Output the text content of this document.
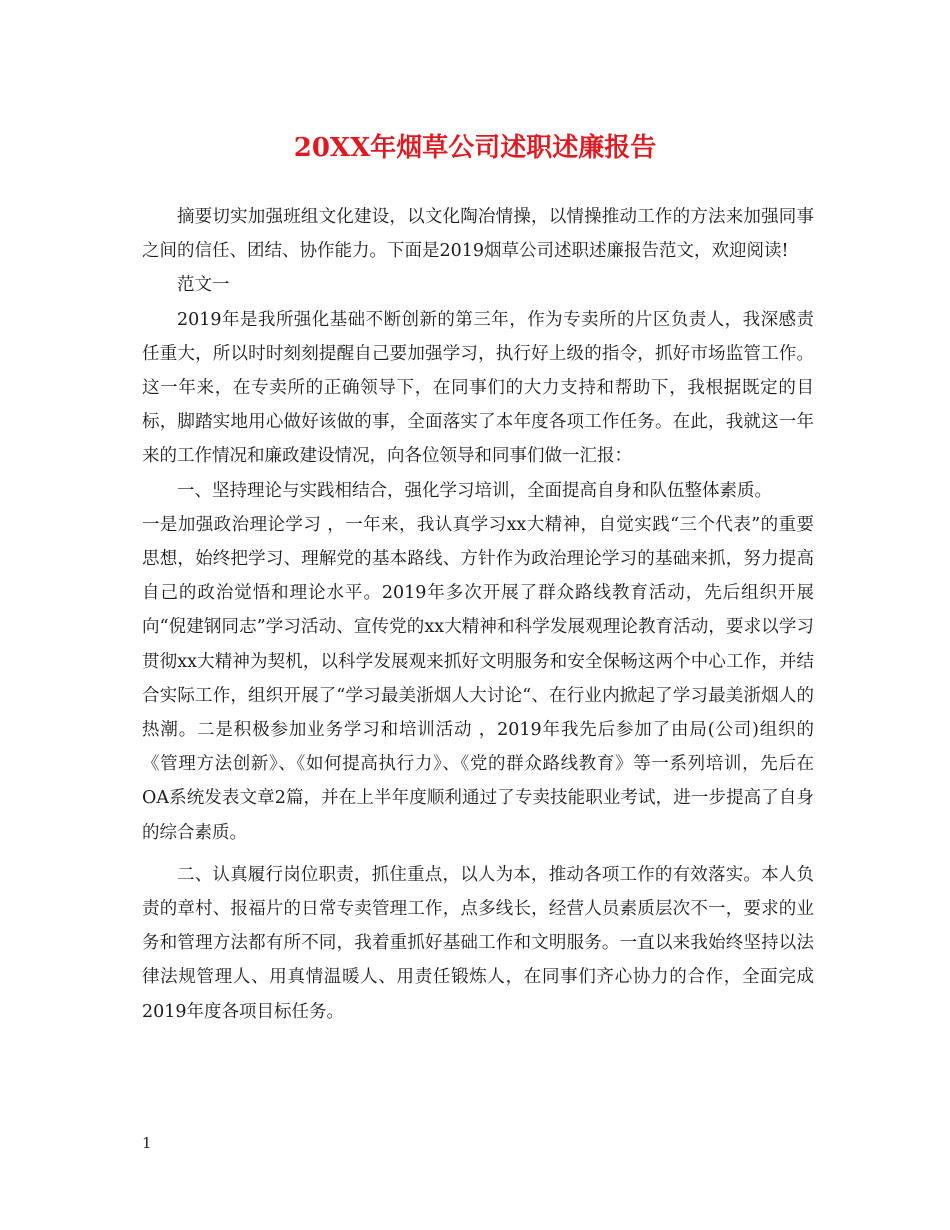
20XX年烟草公司述职述廉报告

摘要切实加强班组文化建设，以文化陶冶情操，以情操推动工作的方法来加强同事之间的信任、团结、协作能力。下面是2019烟草公司述职述廉报告范文，欢迎阅读!

范文一

2019年是我所强化基础不断创新的第三年，作为专卖所的片区负责人，我深感责任重大，所以时时刻刻提醒自己要加强学习，执行好上级的指令，抓好市场监管工作。这一年来，在专卖所的正确领导下，在同事们的大力支持和帮助下，我根据既定的目标，脚踏实地用心做好该做的事，全面落实了本年度各项工作任务。在此，我就这一年来的工作情况和廉政建设情况，向各位领导和同事们做一汇报：

一、坚持理论与实践相结合，强化学习培训，全面提高自身和队伍整体素质。

一是加强政治理论学习 ，一年来，我认真学习xx大精神，自觉实践“三个代表”的重要思想，始终把学习、理解党的基本路线、方针作为政治理论学习的基础来抓，努力提高自己的政治觉悟和理论水平。2019年多次开展了群众路线教育活动，先后组织开展向“倪建钢同志”学习活动、宣传党的xx大精神和科学发展观理论教育活动，要求以学习贯彻xx大精神为契机，以科学发展观来抓好文明服务和安全保畅这两个中心工作，并结合实际工作，组织开展了“学习最美浙烟人大讨论“、在行业内掀起了学习最美浙烟人的热潮。二是积极参加业务学习和培训活动 ，2019年我先后参加了由局(公司)组织的《管理方法创新》、《如何提高执行力》、《党的群众路线教育》等一系列培训，先后在OA系统发表文章2篇，并在上半年度顺利通过了专卖技能职业考试，进一步提高了自身的综合素质。

二、认真履行岗位职责，抓住重点，以人为本，推动各项工作的有效落实。本人负责的章村、报福片的日常专卖管理工作，点多线长，经营人员素质层次不一，要求的业务和管理方法都有所不同，我着重抓好基础工作和文明服务。一直以来我始终坚持以法律法规管理人、用真情温暖人、用责任锻炼人，在同事们齐心协力的合作，全面完成2019年度各项目标任务。

1
